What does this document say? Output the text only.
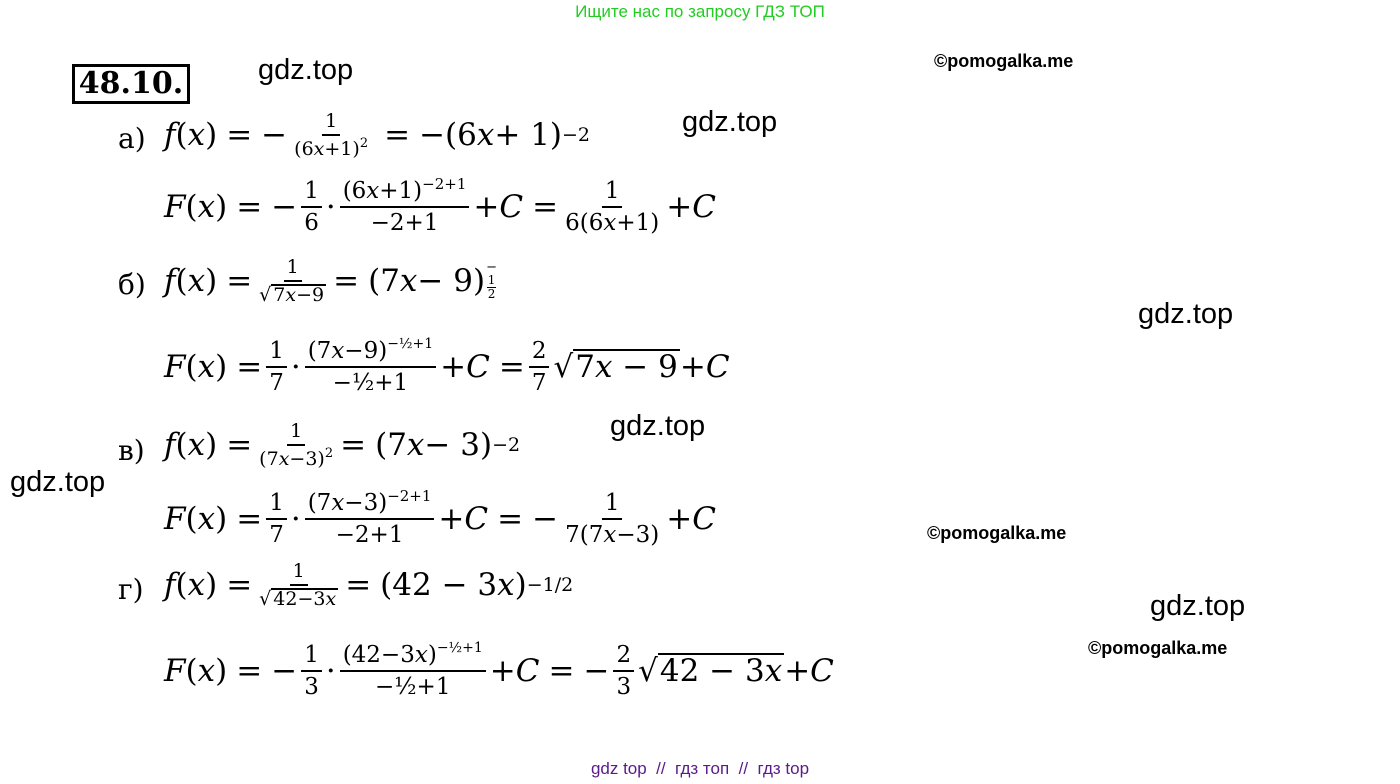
Ищите нас по запросу ГДЗ ТОП
48.10.	gdz.top
gdz.top
gdz.top
gdz.top
gdz.top
gdz.top
©pomogalka.me
©pomogalka.me
©pomogalka.me
а)
б)
в)
г)
f ( x ) = − $\frac{1}{(6x+1)^2} = -(6$ x + 1) −2
F ( x ) = − $\frac{1}{6} \cdot \frac{(6x+1)^{-2+1}}{-2+1} + C = \frac{1}{6(6x+1)} + C$
f ( x ) = $\frac{1}{√ 7x-9} = (7$ x − 9) −
1
2
F ( x ) = $\frac{1}{7} \cdot \frac{(7x-9)^{-\frac{1}{2}+1}}{\text{−½+1}} + C = \frac{2}{7}$ √ 7x − 9 + C
f ( x ) = $\frac{1}{(7x-3)^2} = (7$ x − 3) −2
F ( x ) = $\frac{1}{7} \cdot \frac{(7x-3)^{-2+1}}{-2+1} + C$ = − $\frac{1}{7(7x-3)} + C$
f ( x ) = $\frac{1}{√ 42-3x} = (42 - 3$ x ) −1/2
F ( x ) = − $\frac{1}{3} \cdot \frac{(42-3x)^{-\frac{1}{2}+1}}{\text{−½+1}} + C$ = − $\frac{2}{3}$ √ 42 − 3x + C
gdz top  //  гдз топ  //  гдз top
